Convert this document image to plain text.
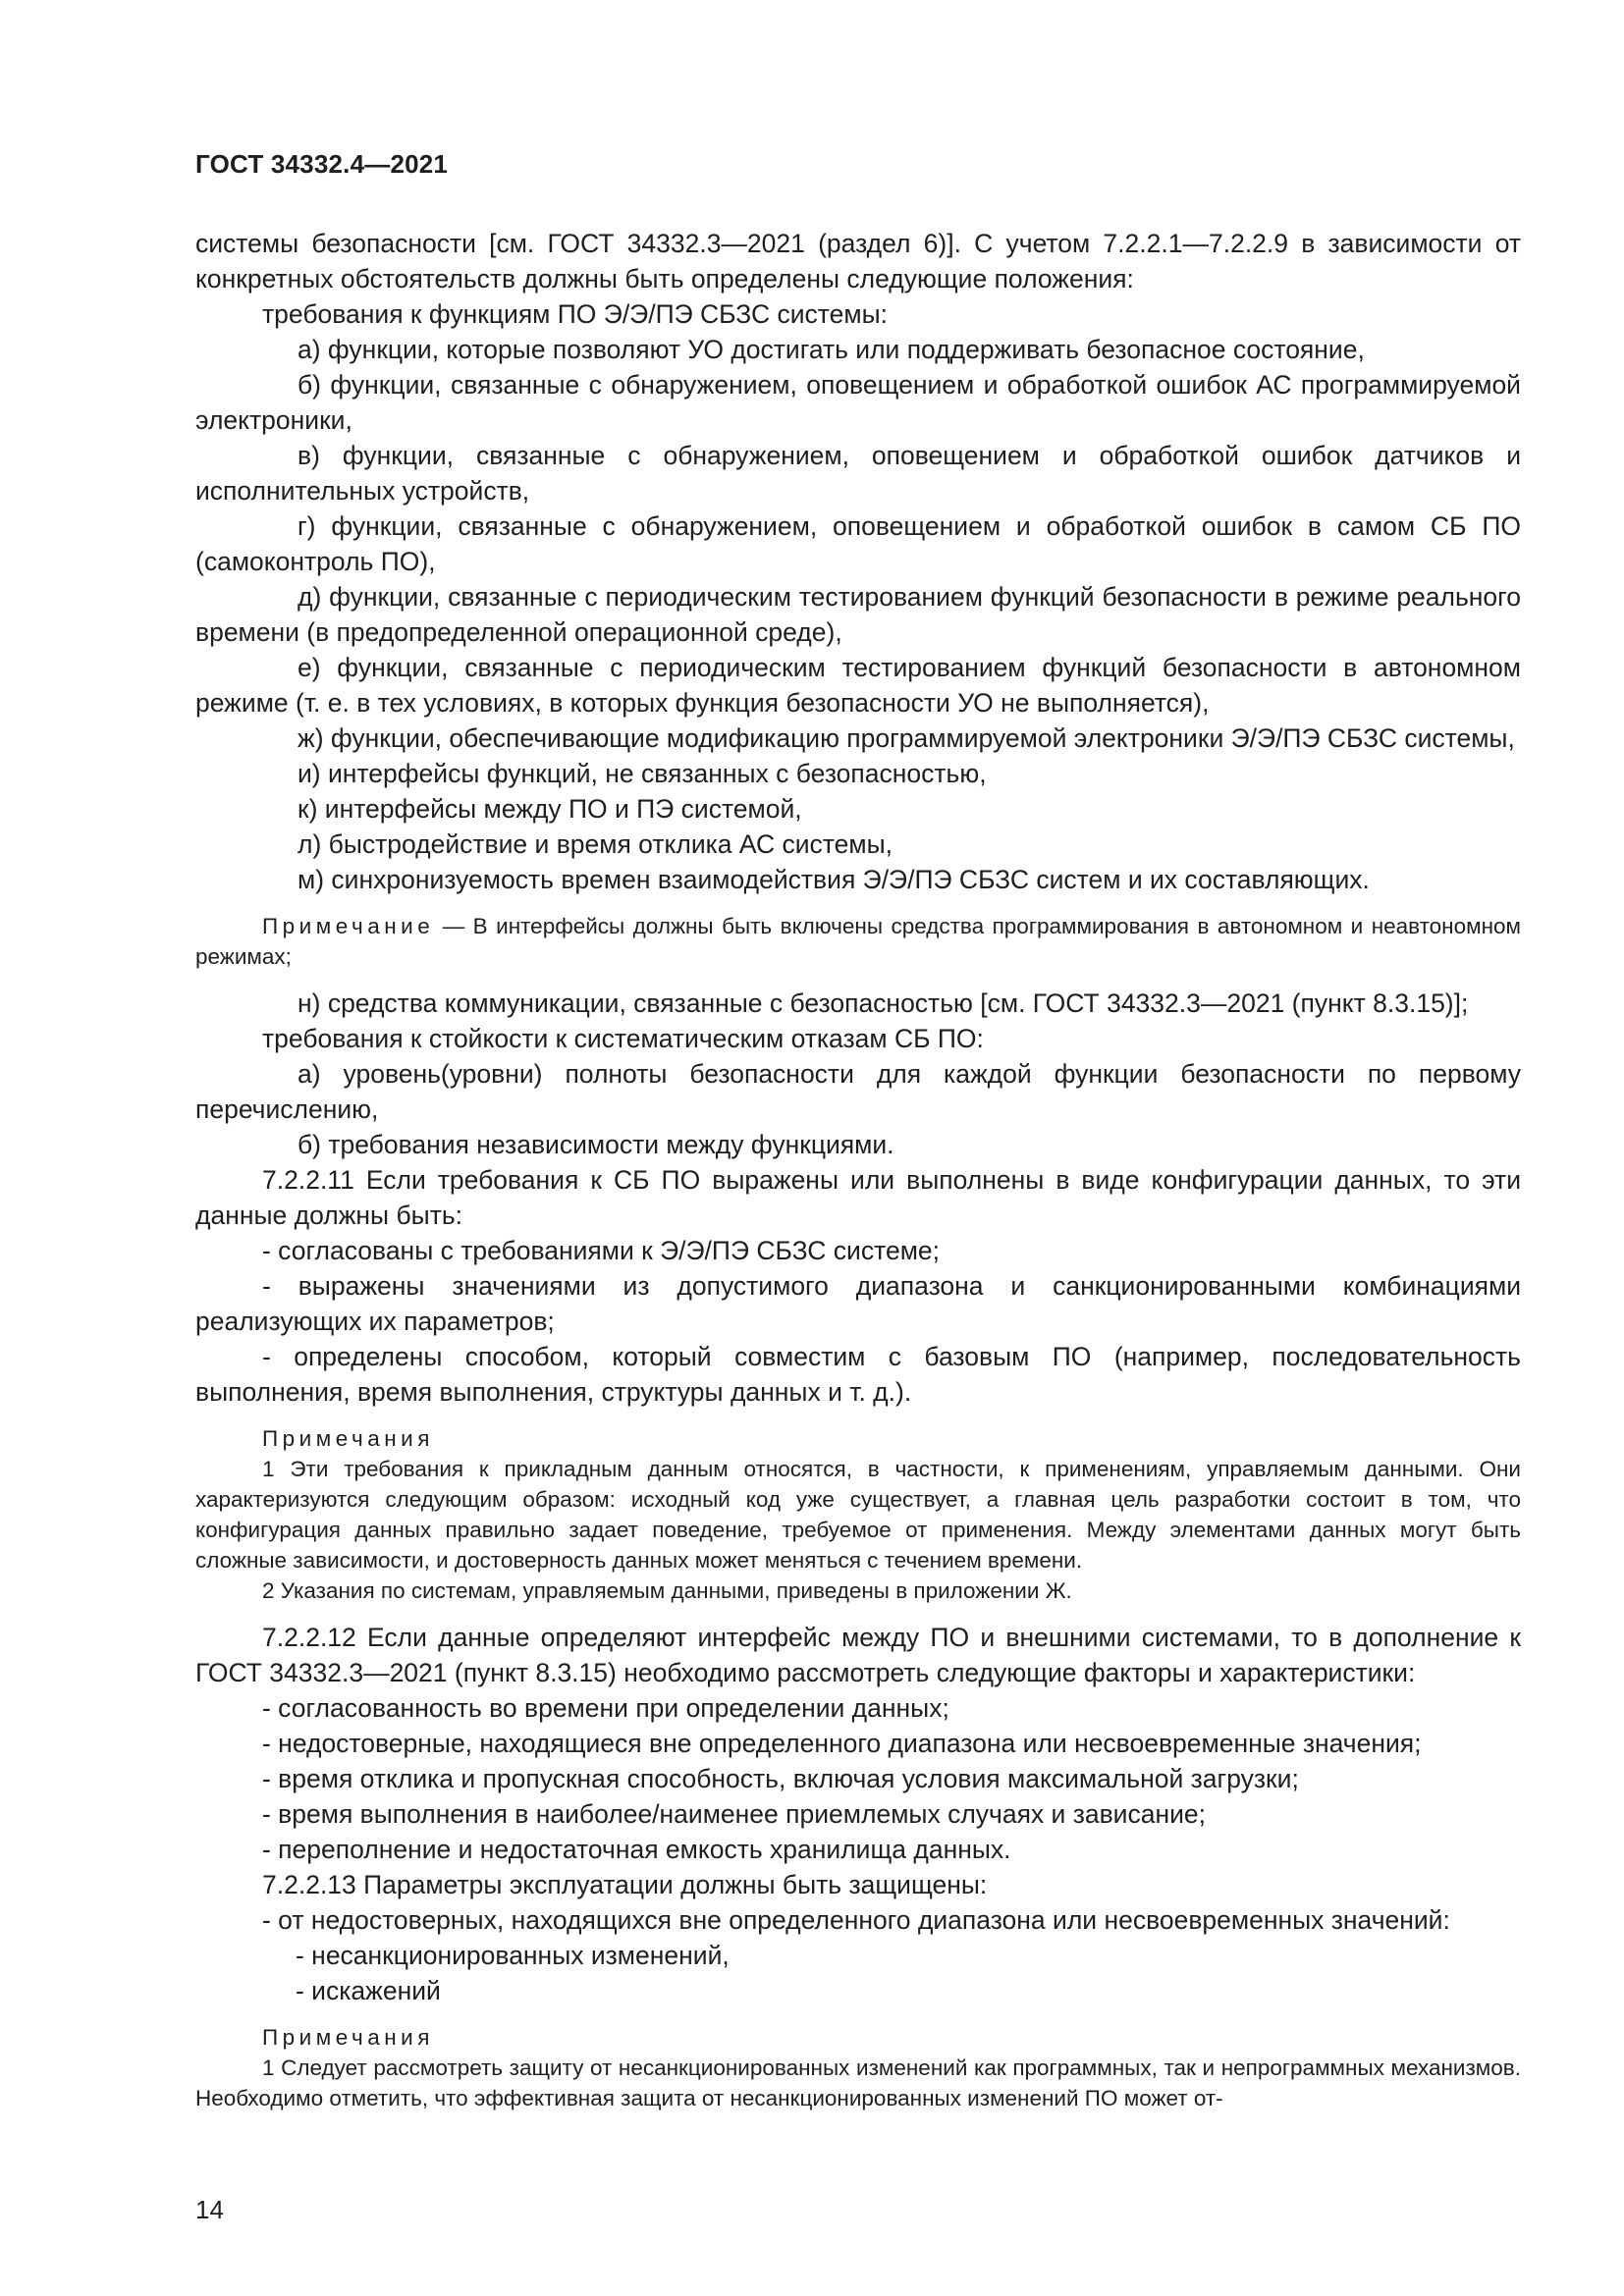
ГОСТ 34332.4—2021

системы безопасности [см. ГОСТ 34332.3—2021 (раздел 6)]. С учетом 7.2.2.1—7.2.2.9 в зависимости от конкретных обстоятельств должны быть определены следующие положения:

требования к функциям ПО Э/Э/ПЭ СБЗС системы:

а) функции, которые позволяют УО достигать или поддерживать безопасное состояние,

б) функции, связанные с обнаружением, оповещением и обработкой ошибок АС программируемой электроники,

в) функции, связанные с обнаружением, оповещением и обработкой ошибок датчиков и исполнительных устройств,

г) функции, связанные с обнаружением, оповещением и обработкой ошибок в самом СБ ПО (самоконтроль ПО),

д) функции, связанные с периодическим тестированием функций безопасности в режиме реального времени (в предопределенной операционной среде),

е) функции, связанные с периодическим тестированием функций безопасности в автономном режиме (т. е. в тех условиях, в которых функция безопасности УО не выполняется),

ж) функции, обеспечивающие модификацию программируемой электроники Э/Э/ПЭ СБЗС системы,

и) интерфейсы функций, не связанных с безопасностью,

к) интерфейсы между ПО и ПЭ системой,

л) быстродействие и время отклика АС системы,

м) синхронизуемость времен взаимодействия Э/Э/ПЭ СБЗС систем и их составляющих.

Примечание — В интерфейсы должны быть включены средства программирования в автономном и неавтономном режимах;

н) средства коммуникации, связанные с безопасностью [см. ГОСТ 34332.3—2021 (пункт 8.3.15)];

требования к стойкости к систематическим отказам СБ ПО:

а) уровень(уровни) полноты безопасности для каждой функции безопасности по первому перечислению,

б) требования независимости между функциями.

7.2.2.11 Если требования к СБ ПО выражены или выполнены в виде конфигурации данных, то эти данные должны быть:

- согласованы с требованиями к Э/Э/ПЭ СБЗС системе;

- выражены значениями из допустимого диапазона и санкционированными комбинациями реализующих их параметров;

- определены способом, который совместим с базовым ПО (например, последовательность выполнения, время выполнения, структуры данных и т. д.).

Примечания

1 Эти требования к прикладным данным относятся, в частности, к применениям, управляемым данными. Они характеризуются следующим образом: исходный код уже существует, а главная цель разработки состоит в том, что конфигурация данных правильно задает поведение, требуемое от применения. Между элементами данных могут быть сложные зависимости, и достоверность данных может меняться с течением времени.

2 Указания по системам, управляемым данными, приведены в приложении Ж.

7.2.2.12 Если данные определяют интерфейс между ПО и внешними системами, то в дополнение к ГОСТ 34332.3—2021 (пункт 8.3.15) необходимо рассмотреть следующие факторы и характеристики:

- согласованность во времени при определении данных;

- недостоверные, находящиеся вне определенного диапазона или несвоевременные значения;

- время отклика и пропускная способность, включая условия максимальной загрузки;

- время выполнения в наиболее/наименее приемлемых случаях и зависание;

- переполнение и недостаточная емкость хранилища данных.

7.2.2.13 Параметры эксплуатации должны быть защищены:

- от недостоверных, находящихся вне определенного диапазона или несвоевременных значений:

- несанкционированных изменений,

- искажений

Примечания

1 Следует рассмотреть защиту от несанкционированных изменений как программных, так и непрограммных механизмов. Необходимо отметить, что эффективная защита от несанкционированных изменений ПО может от-

14
